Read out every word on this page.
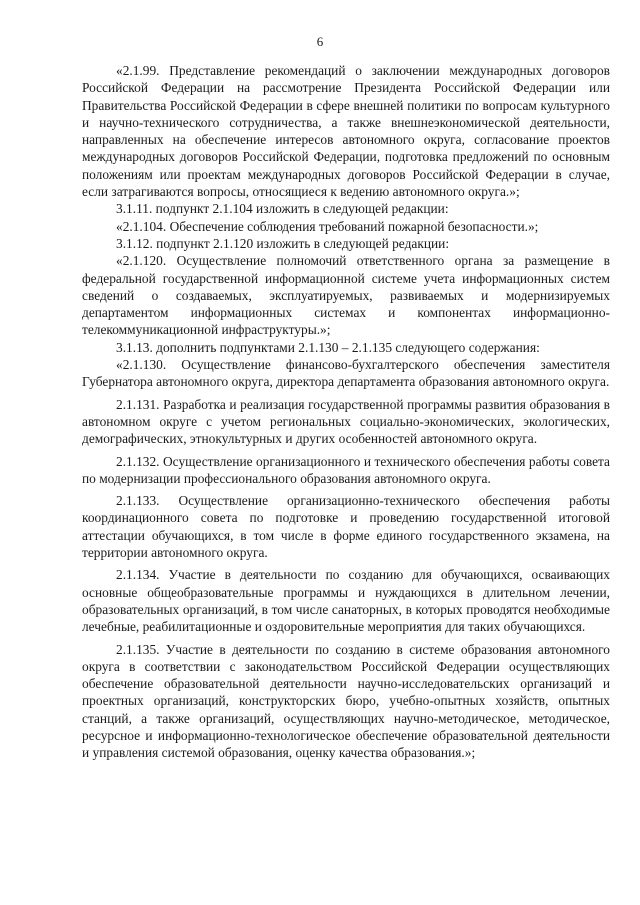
6

«2.1.99. Представление рекомендаций о заключении международных договоров Российской Федерации на рассмотрение Президента Российской Федерации или Правительства Российской Федерации в сфере внешней политики по вопросам культурного и научно-технического сотрудничества, а также внешнеэкономической деятельности, направленных на обеспечение интересов автономного округа, согласование проектов международных договоров Российской Федерации, подготовка предложений по основным положениям или проектам международных договоров Российской Федерации в случае, если затрагиваются вопросы, относящиеся к ведению автономного округа.»;

3.1.11. подпункт 2.1.104 изложить в следующей редакции:

«2.1.104. Обеспечение соблюдения требований пожарной безопасности.»;

3.1.12. подпункт 2.1.120 изложить в следующей редакции:

«2.1.120. Осуществление полномочий ответственного органа за размещение в федеральной государственной информационной системе учета информационных систем сведений о создаваемых, эксплуатируемых, развиваемых и модернизируемых департаментом информационных системах и компонентах информационно-телекоммуникационной инфраструктуры.»;

3.1.13. дополнить подпунктами 2.1.130 – 2.1.135 следующего содержания:

«2.1.130. Осуществление финансово-бухгалтерского обеспечения заместителя Губернатора автономного округа, директора департамента образования автономного округа.

2.1.131. Разработка и реализация государственной программы развития образования в автономном округе с учетом региональных социально-экономических, экологических, демографических, этнокультурных и других особенностей автономного округа.

2.1.132. Осуществление организационного и технического обеспечения работы совета по модернизации профессионального образования автономного округа.

2.1.133. Осуществление организационно-технического обеспечения работы координационного совета по подготовке и проведению государственной итоговой аттестации обучающихся, в том числе в форме единого государственного экзамена, на территории автономного округа.

2.1.134. Участие в деятельности по созданию для обучающихся, осваивающих основные общеобразовательные программы и нуждающихся в длительном лечении, образовательных организаций, в том числе санаторных, в которых проводятся необходимые лечебные, реабилитационные и оздоровительные мероприятия для таких обучающихся.

2.1.135. Участие в деятельности по созданию в системе образования автономного округа в соответствии с законодательством Российской Федерации осуществляющих обеспечение образовательной деятельности научно-исследовательских организаций и проектных организаций, конструкторских бюро, учебно-опытных хозяйств, опытных станций, а также организаций, осуществляющих научно-методическое, методическое, ресурсное и информационно-технологическое обеспечение образовательной деятельности и управления системой образования, оценку качества образования.»;
